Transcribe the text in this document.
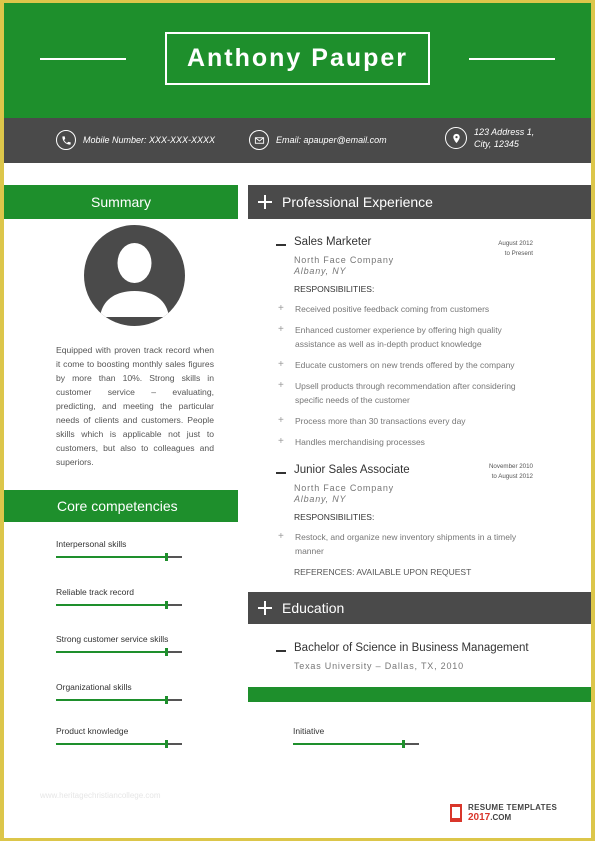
Anthony Pauper
Mobile Number: XXX-XXX-XXXX	Email: apauper@email.com
123 Address 1,
City, 12345
Summary

Equipped with proven track record when it come to boosting monthly sales figures by more than 10%. Strong skills in customer service – evaluating, predicting, and meeting the particular needs of clients and customers. People skills which is applicable not just to customers, but also to colleagues and superiors.

Core competencies
Interpersonal skills
Reliable track record
Strong customer service skills
Organizational skills
Product knowledge
Professional Experience
Sales Marketer	August 2012
to Present
North Face Company
Albany, NY
RESPONSIBILITIES:
+ Received positive feedback coming from customers
+ Enhanced customer experience by offering high quality assistance as well as in-depth product knowledge
+ Educate customers on new trends offered by the company
+ Upsell products through recommendation after considering specific needs of the customer
+ Process more than 30 transactions every day
+ Handles merchandising processes
Junior Sales Associate	November 2010
to August 2012
North Face Company
Albany, NY
RESPONSIBILITIES:
+ Restock, and organize new inventory shipments in a timely manner
REFERENCES: AVAILABLE UPON REQUEST
Education
Bachelor of Science in Business Management
Texas University – Dallas, TX, 2010
Initiative
www.heritagechristiancollege.com
RESUME TEMPLATES
2017.COM
